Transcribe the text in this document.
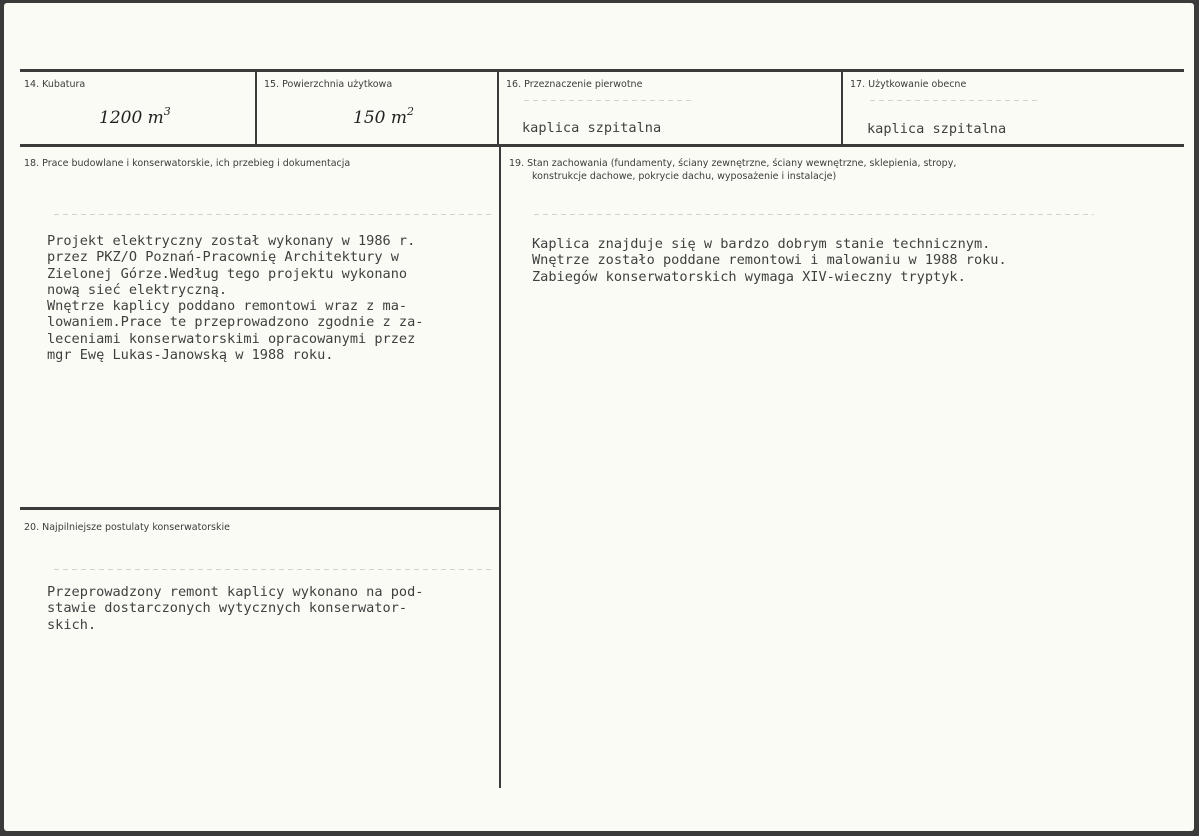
14. Kubatura
1200 $m^3$
15. Powierzchnia użytkowa
150 $m^2$
16. Przeznaczenie pierwotne
kaplica szpitalna
17. Użytkowanie obecne
kaplica szpitalna
18. Prace budowlane i konserwatorskie, ich przebieg i dokumentacja
Projekt elektryczny został wykonany w 1986 r.
przez PKZ/O Poznań-Pracownię Architektury w
Zielonej Górze.Według tego projektu wykonano
nową sieć elektryczną.
Wnętrze kaplicy poddano remontowi wraz z ma-
lowaniem.Prace te przeprowadzono zgodnie z za-
leceniami konserwatorskimi opracowanymi przez
mgr Ewę Lukas-Janowską w 1988 roku.
19. Stan zachowania (fundamenty, ściany zewnętrzne, ściany wewnętrzne, sklepienia, stropy,
konstrukcje dachowe, pokrycie dachu, wyposażenie i instalacje)
Kaplica znajduje się w bardzo dobrym stanie technicznym.
Wnętrze zostało poddane remontowi i malowaniu w 1988 roku.
Zabiegów konserwatorskich wymaga XIV-wieczny tryptyk.
20. Najpilniejsze postulaty konserwatorskie
Przeprowadzony remont kaplicy wykonano na pod-
stawie dostarczonych wytycznych konserwator-
skich.
